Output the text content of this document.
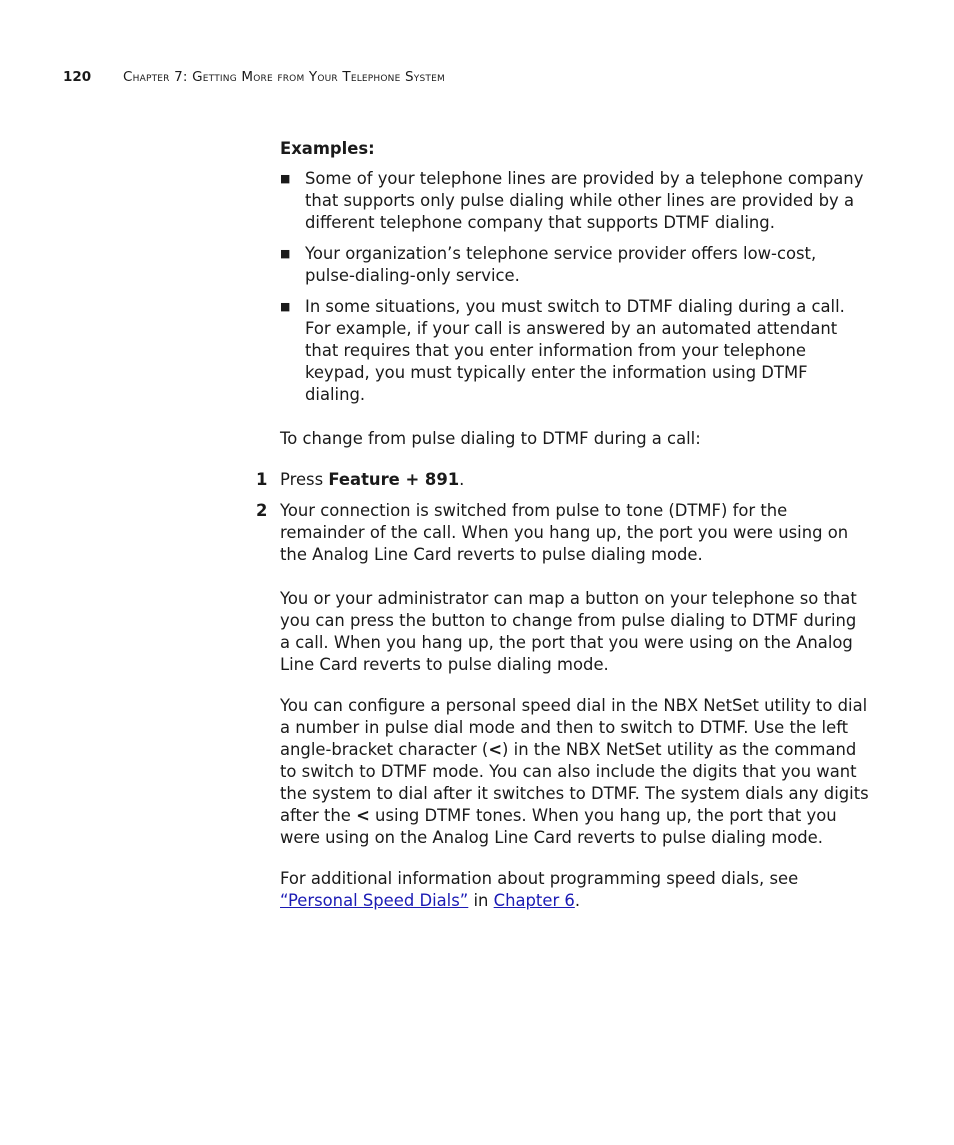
120 Chapter 7: Getting More from Your Telephone System

Examples:

■ Some of your telephone lines are provided by a telephone company that supports only pulse dialing while other lines are provided by a different telephone company that supports DTMF dialing.
■ Your organization’s telephone service provider offers low-cost, pulse-dialing-only service.
■ In some situations, you must switch to DTMF dialing during a call. For example, if your call is answered by an automated attendant that requires that you enter information from your telephone keypad, you must typically enter the information using DTMF dialing.

To change from pulse dialing to DTMF during a call:

1 Press Feature + 891.
2 Your connection is switched from pulse to tone (DTMF) for the remainder of the call. When you hang up, the port you were using on the Analog Line Card reverts to pulse dialing mode.

You or your administrator can map a button on your telephone so that you can press the button to change from pulse dialing to DTMF during a call. When you hang up, the port that you were using on the Analog Line Card reverts to pulse dialing mode.

You can configure a personal speed dial in the NBX NetSet utility to dial a number in pulse dial mode and then to switch to DTMF. Use the left angle-bracket character (<) in the NBX NetSet utility as the command to switch to DTMF mode. You can also include the digits that you want the system to dial after it switches to DTMF. The system dials any digits after the < using DTMF tones. When you hang up, the port that you were using on the Analog Line Card reverts to pulse dialing mode.

For additional information about programming speed dials, see “Personal Speed Dials” in Chapter 6.
